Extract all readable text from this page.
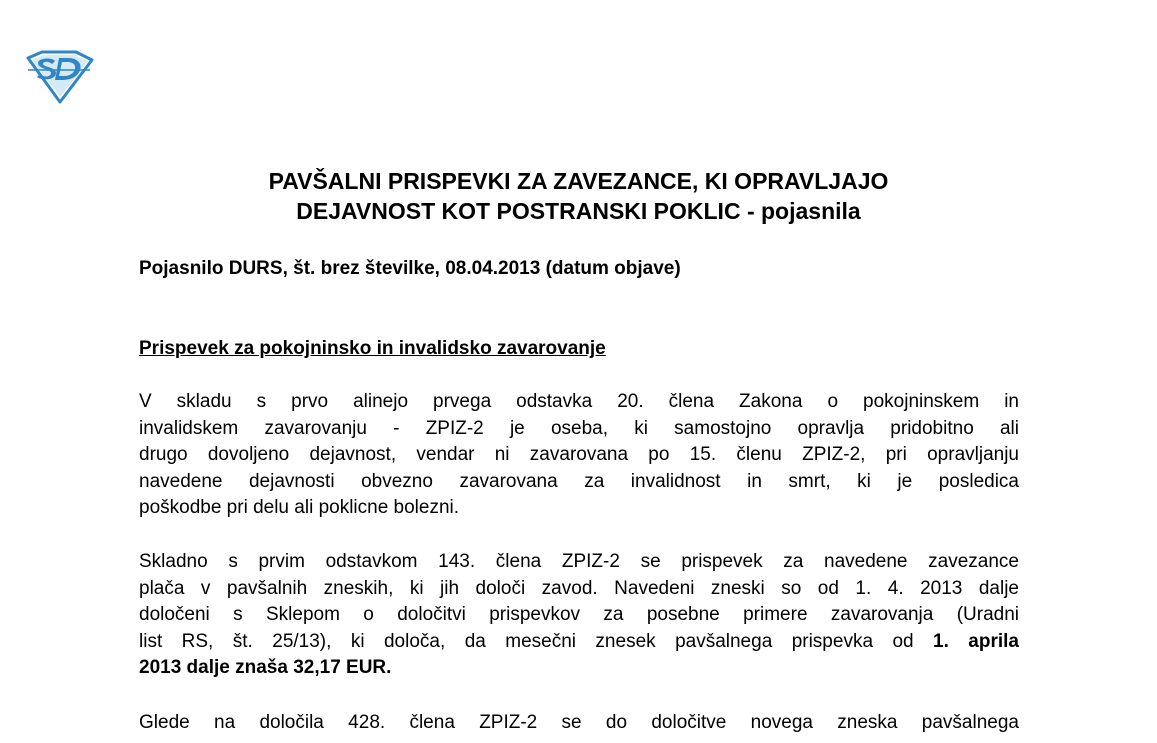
PAVŠALNI PRISPEVKI ZA ZAVEZANCE, KI OPRAVLJAJO
DEJAVNOST KOT POSTRANSKI POKLIC - pojasnila
Pojasnilo DURS, št. brez številke, 08.04.2013 (datum objave)
Prispevek za pokojninsko in invalidsko zavarovanje
V skladu s prvo alinejo prvega odstavka 20. člena Zakona o pokojninskem in
invalidskem zavarovanju - ZPIZ-2 je oseba, ki samostojno opravlja pridobitno ali
drugo dovoljeno dejavnost, vendar ni zavarovana po 15. členu ZPIZ-2, pri opravljanju
navedene dejavnosti obvezno zavarovana za invalidnost in smrt, ki je posledica
poškodbe pri delu ali poklicne bolezni.
Skladno s prvim odstavkom 143. člena ZPIZ-2 se prispevek za navedene zavezance
plača v pavšalnih zneskih, ki jih določi zavod. Navedeni zneski so od 1. 4. 2013 dalje
določeni s Sklepom o določitvi prispevkov za posebne primere zavarovanja (Uradni
list RS, št. 25/13), ki določa, da mesečni znesek pavšalnega prispevka od 1. aprila
2013 dalje znaša 32,17 EUR.
Glede na določila 428. člena ZPIZ-2 se do določitve novega zneska pavšalnega
